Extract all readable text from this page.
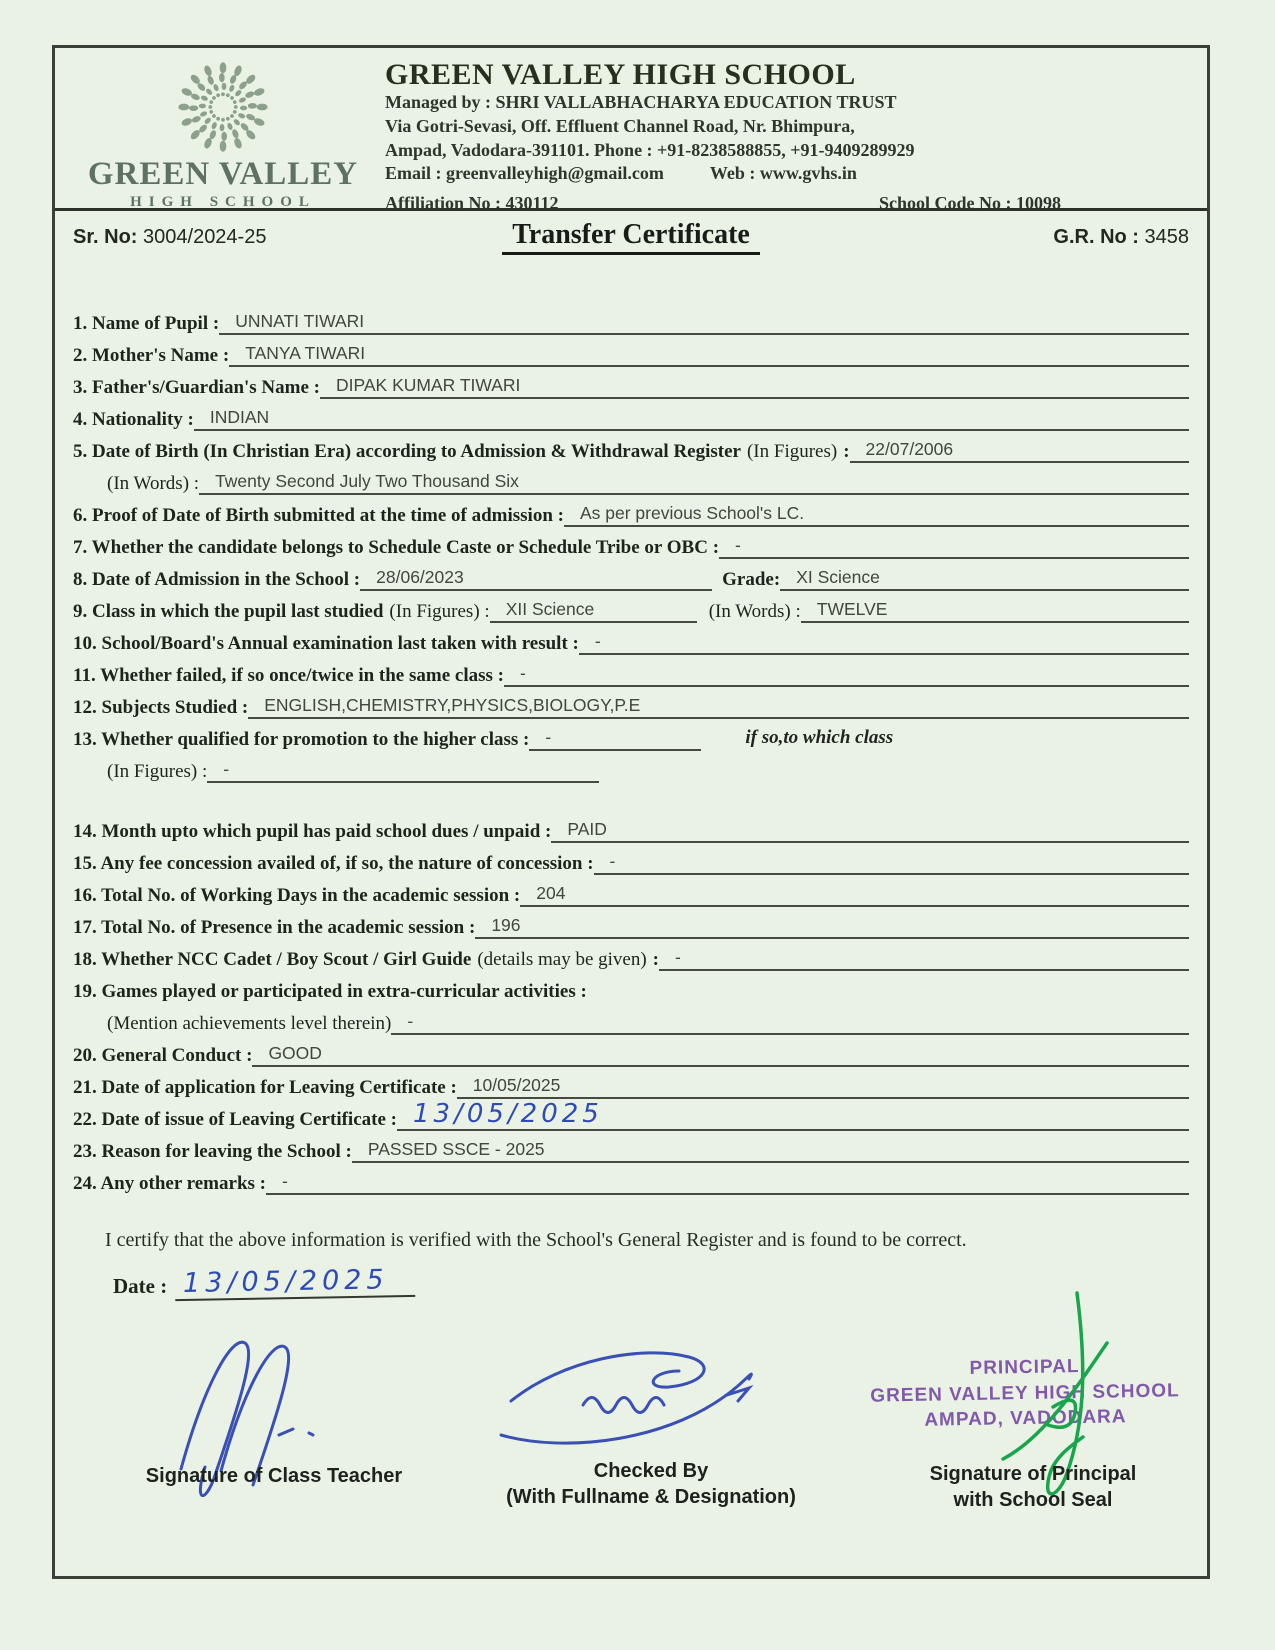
GREEN VALLEY
HIGH SCHOOL
GREEN VALLEY HIGH SCHOOL
Managed by : SHRI VALLABHACHARYA EDUCATION TRUST
Via Gotri-Sevasi, Off. Effluent Channel Road, Nr. Bhimpura,
Ampad, Vadodara-391101. Phone : +91-8238588855, +91-9409289929
Email : greenvalleyhigh@gmail.com	Web : www.gvhs.in
Affiliation No : 430112	School Code No : 10098
Sr. No: 3004/2024-25	Transfer Certificate	G.R. No : 3458
1. Name of Pupil : UNNATI TIWARI
2. Mother's Name : TANYA TIWARI
3. Father's/Guardian's Name : DIPAK KUMAR TIWARI
4. Nationality : INDIAN
5. Date of Birth (In Christian Era) according to Admission & Withdrawal Register (In Figures) : 22/07/2006
(In Words) : Twenty Second July Two Thousand Six
6. Proof of Date of Birth submitted at the time of admission : As per previous School's LC.
7. Whether the candidate belongs to Schedule Caste or Schedule Tribe or OBC : -
8. Date of Admission in the School : 28/06/2023	Grade: XI Science
9. Class in which the pupil last studied (In Figures) : XII Science	(In Words) : TWELVE
10. School/Board's Annual examination last taken with result : -
11. Whether failed, if so once/twice in the same class : -
12. Subjects Studied : ENGLISH,CHEMISTRY,PHYSICS,BIOLOGY,P.E
13. Whether qualified for promotion to the higher class : -	if so,to which class
(In Figures) : -
14. Month upto which pupil has paid school dues / unpaid : PAID
15. Any fee concession availed of, if so, the nature of concession : -
16. Total No. of Working Days in the academic session : 204
17. Total No. of Presence in the academic session : 196
18. Whether NCC Cadet / Boy Scout / Girl Guide (details may be given) : -
19. Games played or participated in extra-curricular activities :
(Mention achievements level therein) -
20. General Conduct : GOOD
21. Date of application for Leaving Certificate : 10/05/2025
22. Date of issue of Leaving Certificate : 13/05/2025
23. Reason for leaving the School : PASSED SSCE - 2025
24. Any other remarks : -
I certify that the above information is verified with the School's General Register and is found to be correct.
Date : 13/05/2025
Signature of Class Teacher	Checked By
(With Fullname & Designation)
PRINCIPAL
GREEN VALLEY HIGH SCHOOL
AMPAD, VADODARA
Signature of Principal
with School Seal
